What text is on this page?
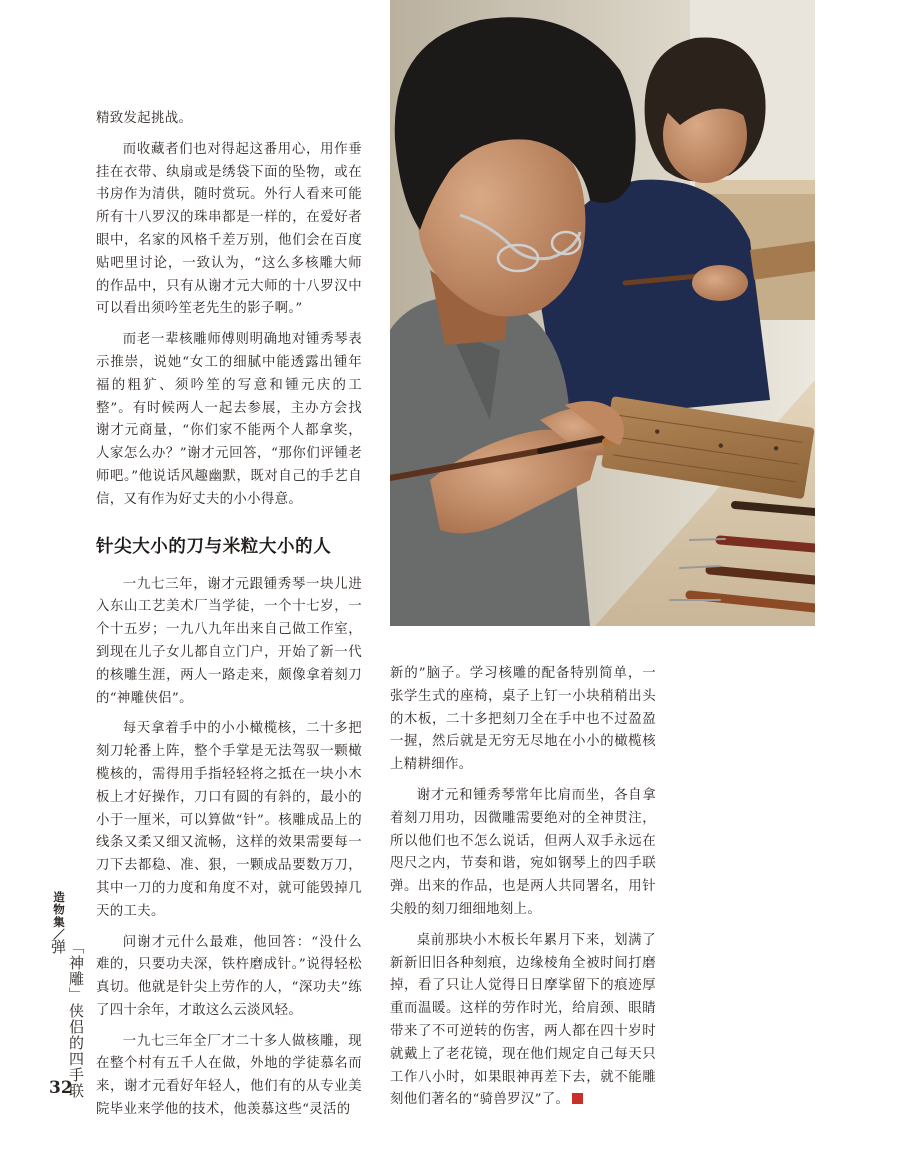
精致发起挑战。

而收藏者们也对得起这番用心，用作垂挂在衣带、纨扇或是绣袋下面的坠物，或在书房作为清供，随时赏玩。外行人看来可能所有十八罗汉的珠串都是一样的，在爱好者眼中，名家的风格千差万别，他们会在百度贴吧里讨论，一致认为，“这么多核雕大师的作品中，只有从谢才元大师的十八罗汉中可以看出须吟笙老先生的影子啊。”

而老一辈核雕师傅则明确地对锺秀琴表示推崇，说她“女工的细腻中能透露出锺年福的粗犷、须吟笙的写意和锺元庆的工整”。有时候两人一起去参展，主办方会找谢才元商量，“你们家不能两个人都拿奖，人家怎么办？”谢才元回答，“那你们评锺老师吧。”他说话风趣幽默，既对自己的手艺自信，又有作为好丈夫的小小得意。

针尖大小的刀与米粒大小的人

一九七三年，谢才元跟锺秀琴一块儿进入东山工艺美术厂当学徒，一个十七岁，一个十五岁；一九八九年出来自己做工作室，到现在儿子女儿都自立门户，开始了新一代的核雕生涯，两人一路走来，颇像拿着刻刀的“神雕侠侣”。

每天拿着手中的小小橄榄核，二十多把刻刀轮番上阵，整个手掌是无法驾驭一颗橄榄核的，需得用手指轻轻将之抵在一块小木板上才好操作，刀口有圆的有斜的，最小的小于一厘米，可以算做“针”。核雕成品上的线条又柔又细又流畅，这样的效果需要每一刀下去都稳、准、狠，一颗成品要数万刀，其中一刀的力度和角度不对，就可能毁掉几天的工夫。

问谢才元什么最难，他回答：“没什么难的，只要功夫深，铁杵磨成针。”说得轻松真切。他就是针尖上劳作的人，“深功夫”练了四十余年，才敢这么云淡风轻。

一九七三年全厂才二十多人做核雕，现在整个村有五千人在做，外地的学徒慕名而来，谢才元看好年轻人，他们有的从专业美院毕业来学他的技术，他羡慕这些“灵活的

新的”脑子。学习核雕的配备特别简单，一张学生式的座椅，桌子上钉一小块稍稍出头的木板，二十多把刻刀全在手中也不过盈盈一握，然后就是无穷无尽地在小小的橄榄核上精耕细作。

谢才元和锺秀琴常年比肩而坐，各自拿着刻刀用功，因微雕需要绝对的全神贯注，所以他们也不怎么说话，但两人双手永远在咫尺之内，节奏和谐，宛如钢琴上的四手联弹。出来的作品，也是两人共同署名，用针尖般的刻刀细细地刻上。

桌前那块小木板长年累月下来，划满了新新旧旧各种刻痕，边缘棱角全被时间打磨掉，看了只让人觉得日日摩挲留下的痕迹厚重而温暖。这样的劳作时光，给肩颈、眼睛带来了不可逆转的伤害，两人都在四十岁时就戴上了老花镜，现在他们规定自己每天只工作八小时，如果眼神再差下去，就不能雕刻他们著名的“骑兽罗汉”了。

造物集／
「神雕」侠侣的四手联弹
32
